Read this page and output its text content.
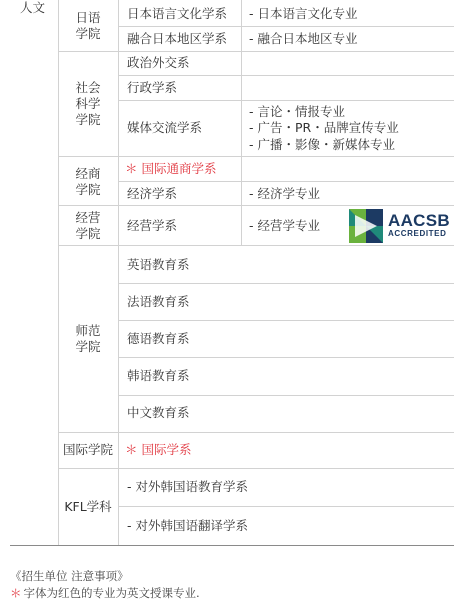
人文
日语
学院
社会
科学
学院
经商
学院
经营
学院
师范
学院
国际学院
KFL学科
日本语言文化学系
融合日本地区学系
政治外交系
行政学系
媒体交流学系
＊ 国际通商学系
经济学系
经营学系
英语教育系
法语教育系
德语教育系
韩语教育系
中文教育系
＊ 国际学系
- 对外韩国语教育学系
- 对外韩国语翻译学系
- 日本语言文化专业
- 融合日本地区专业
- 言论・情报专业
- 广告・PR・品牌宣传专业
- 广播・影像・新媒体专业
- 经济学专业
- 经营学专业	AACSB
ACCREDITED
《招生单位 注意事项》
＊ 字体为红色的专业为英文授课专业.
